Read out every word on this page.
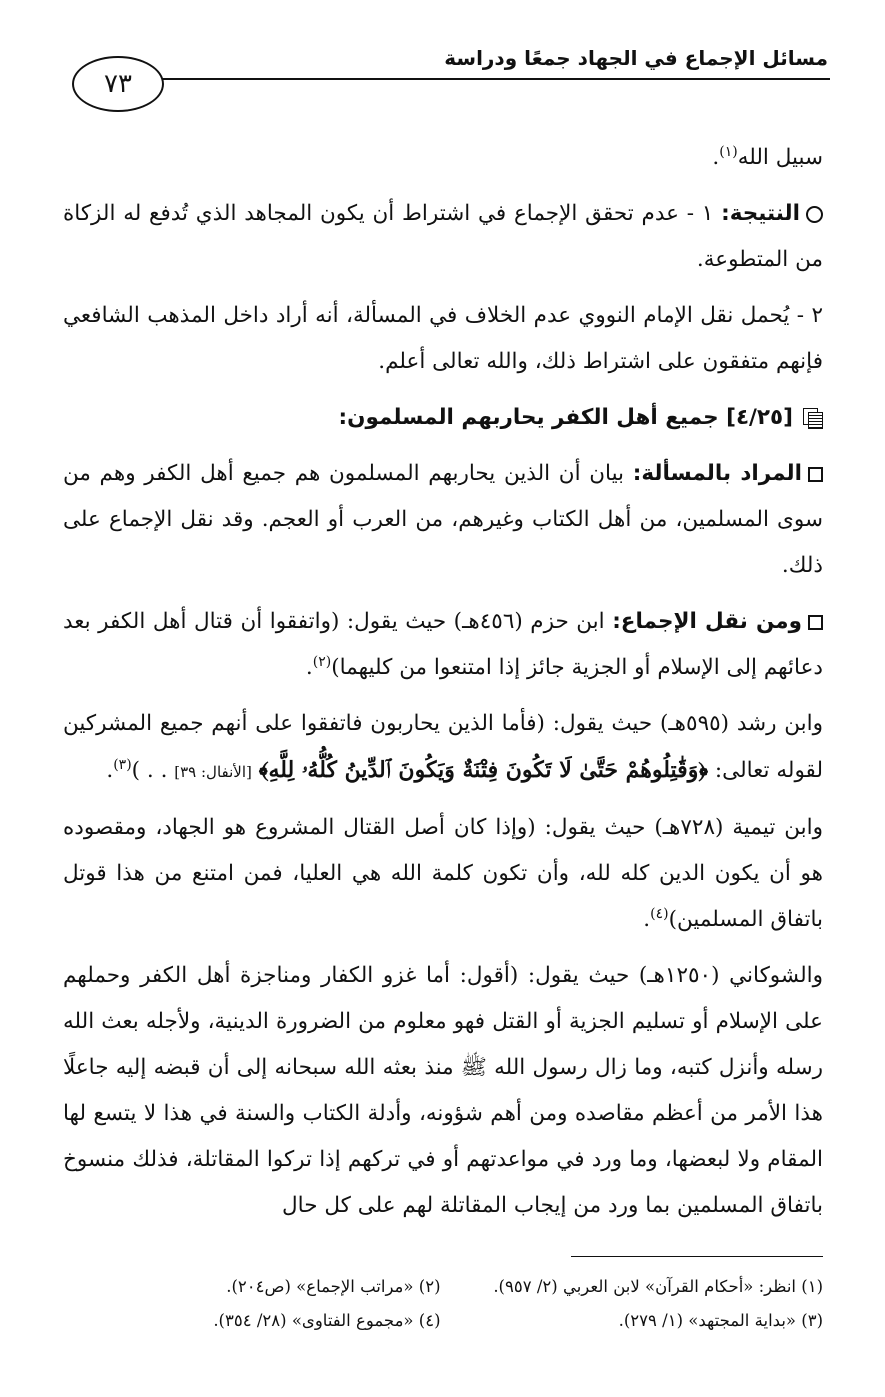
مسائل الإجماع في الجهاد جمعًا ودراسة
٧٣

سبيل الله$^{(١)}$.

النتيجة: ١ - عدم تحقق الإجماع في اشتراط أن يكون المجاهد الذي تُدفع له الزكاة من المتطوعة.

٢ - يُحمل نقل الإمام النووي عدم الخلاف في المسألة، أنه أراد داخل المذهب الشافعي فإنهم متفقون على اشتراط ذلك، والله تعالى أعلم.

[٤/٢٥] جميع أهل الكفر يحاربهم المسلمون:

المراد بالمسألة: بيان أن الذين يحاربهم المسلمون هم جميع أهل الكفر وهم من سوى المسلمين، من أهل الكتاب وغيرهم، من العرب أو العجم. وقد نقل الإجماع على ذلك.

ومن نقل الإجماع: ابن حزم (٤٥٦هـ) حيث يقول: (واتفقوا أن قتال أهل الكفر بعد دعائهم إلى الإسلام أو الجزية جائز إذا امتنعوا من كليهما)$^{(٢)}$.

وابن رشد (٥٩٥هـ) حيث يقول: (فأما الذين يحاربون فاتفقوا على أنهم جميع المشركين لقوله تعالى: ﴿وَقَٰتِلُوهُمْ حَتَّىٰ لَا تَكُونَ فِتْنَةٌ وَيَكُونَ ٱلدِّينُ كُلُّهُۥ لِلَّهِ﴾ [الأنفال: ٣٩] . . )$^{(٣)}$.

وابن تيمية (٧٢٨هـ) حيث يقول: (وإذا كان أصل القتال المشروع هو الجهاد، ومقصوده هو أن يكون الدين كله لله، وأن تكون كلمة الله هي العليا، فمن امتنع من هذا قوتل باتفاق المسلمين)$^{(٤)}$.

والشوكاني (١٢٥٠هـ) حيث يقول: (أقول: أما غزو الكفار ومناجزة أهل الكفر وحملهم على الإسلام أو تسليم الجزية أو القتل فهو معلوم من الضرورة الدينية، ولأجله بعث الله رسله وأنزل كتبه، وما زال رسول الله ﷺ منذ بعثه الله سبحانه إلى أن قبضه إليه جاعلًا هذا الأمر من أعظم مقاصده ومن أهم شؤونه، وأدلة الكتاب والسنة في هذا لا يتسع لها المقام ولا لبعضها، وما ورد في مواعدتهم أو في تركهم إذا تركوا المقاتلة، فذلك منسوخ باتفاق المسلمين بما ورد من إيجاب المقاتلة لهم على كل حال

(١) انظر: «أحكام القرآن» لابن العربي (٢/ ٩٥٧).
(٢) «مراتب الإجماع» (ص٢٠٤).
(٣) «بداية المجتهد» (١/ ٢٧٩).
(٤) «مجموع الفتاوى» (٢٨/ ٣٥٤).
